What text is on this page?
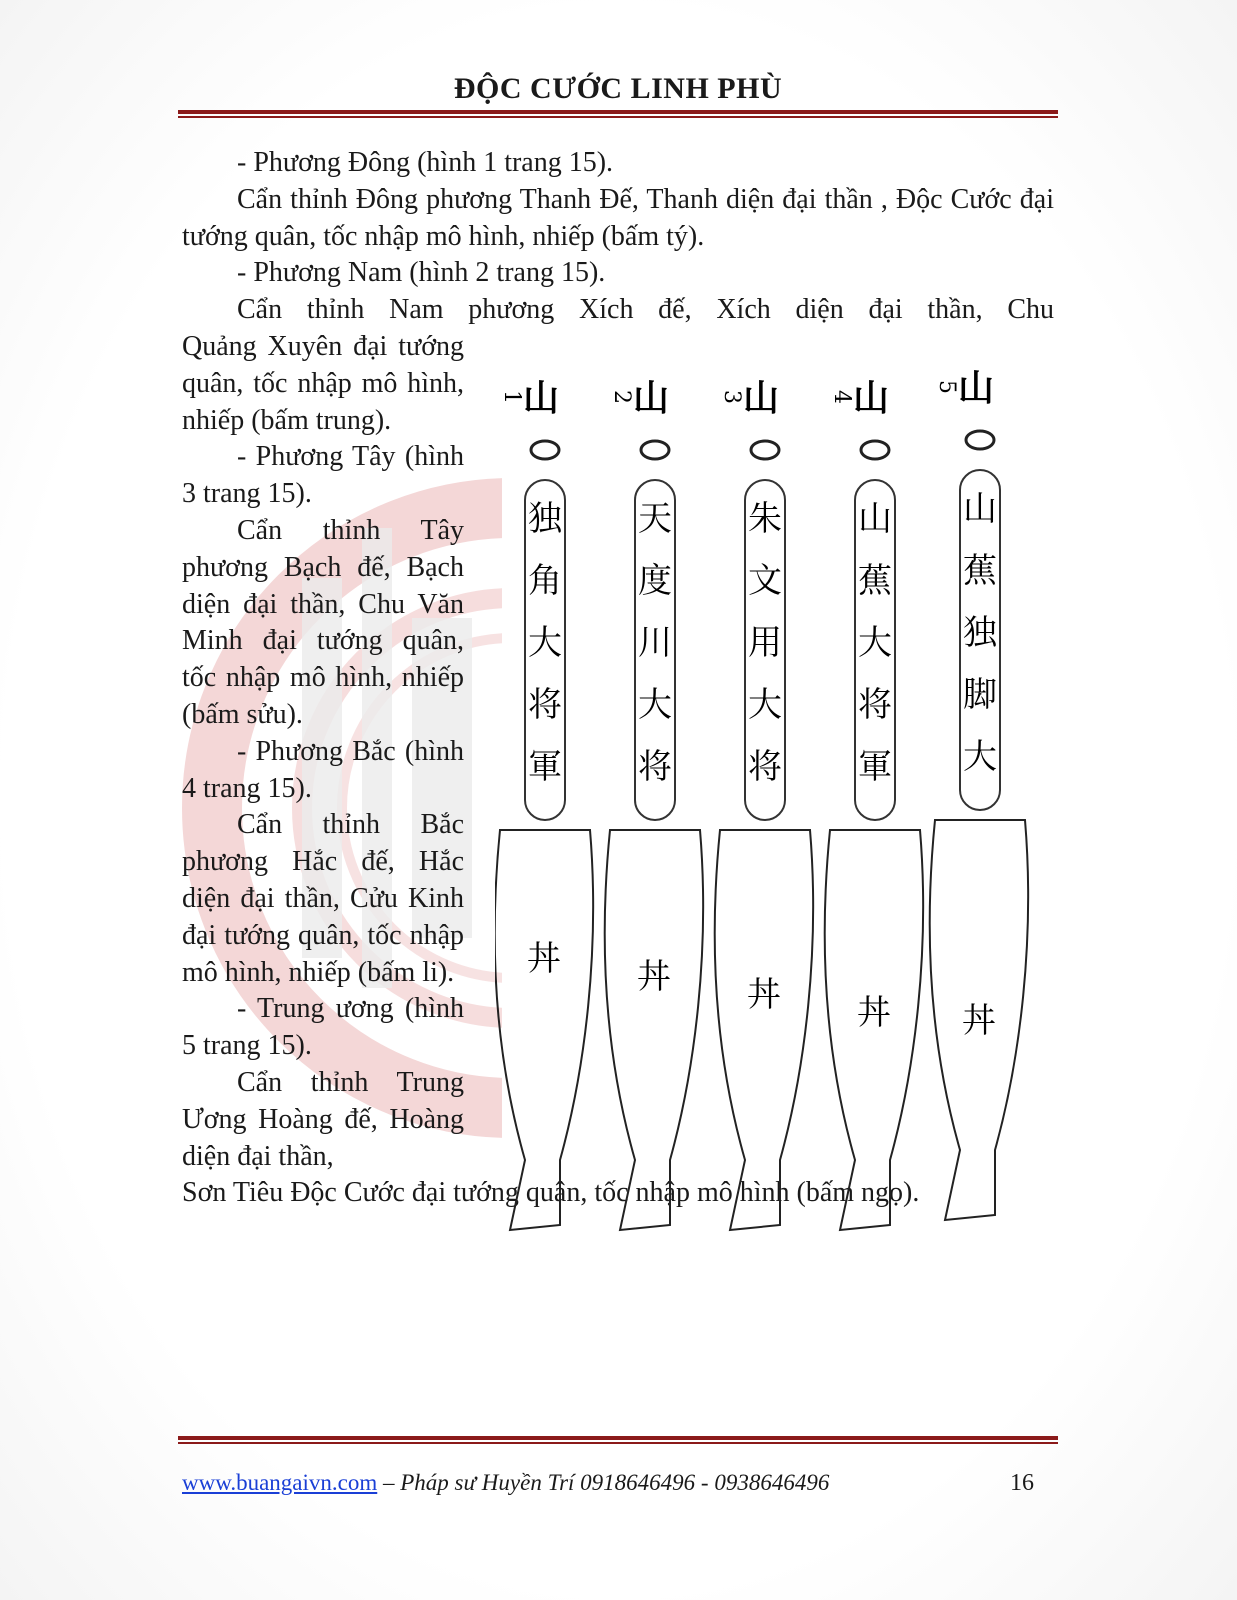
ĐỘC CƯỚC LINH PHÙ

- Phương Đông (hình 1 trang 15).

Cẩn thỉnh Đông phương Thanh Đế, Thanh diện đại thần , Độc Cước đại tướng quân, tốc nhập mô hình, nhiếp (bấm tý).

- Phương Nam (hình 2 trang 15).

Cẩn thỉnh Nam phương Xích đế, Xích diện đại thần, Chu

Quảng Xuyên đại tướng quân, tốc nhập mô hình, nhiếp (bấm trung).

- Phương Tây (hình 3 trang 15).

Cẩn thỉnh Tây phương Bạch đế, Bạch diện đại thần, Chu Văn Minh đại tướng quân, tốc nhập mô hình, nhiếp (bấm sửu).

- Phương Bắc (hình 4 trang 15).

Cẩn thỉnh Bắc phương Hắc đế, Hắc diện đại thần, Cửu Kinh đại tướng quân, tốc nhập mô hình, nhiếp (bấm li).

- Trung ương (hình 5 trang 15).

Cẩn thỉnh Trung Ương Hoàng đế, Hoàng diện đại thần,

Sơn Tiêu Độc Cước đại tướng quân, tốc nhập mô hình (bấm ngọ).

1 山
独
角
大
将
軍
丼
2 山
天
度
川
大
将
丼
3 山
朱
文
用
大
将
丼
4 山
山
蕉
大
将
軍
丼
5 山
山
蕉
独
脚
大
丼
www.buangaivn.com – Pháp sư Huyền Trí 0918646496 - 0938646496	16
